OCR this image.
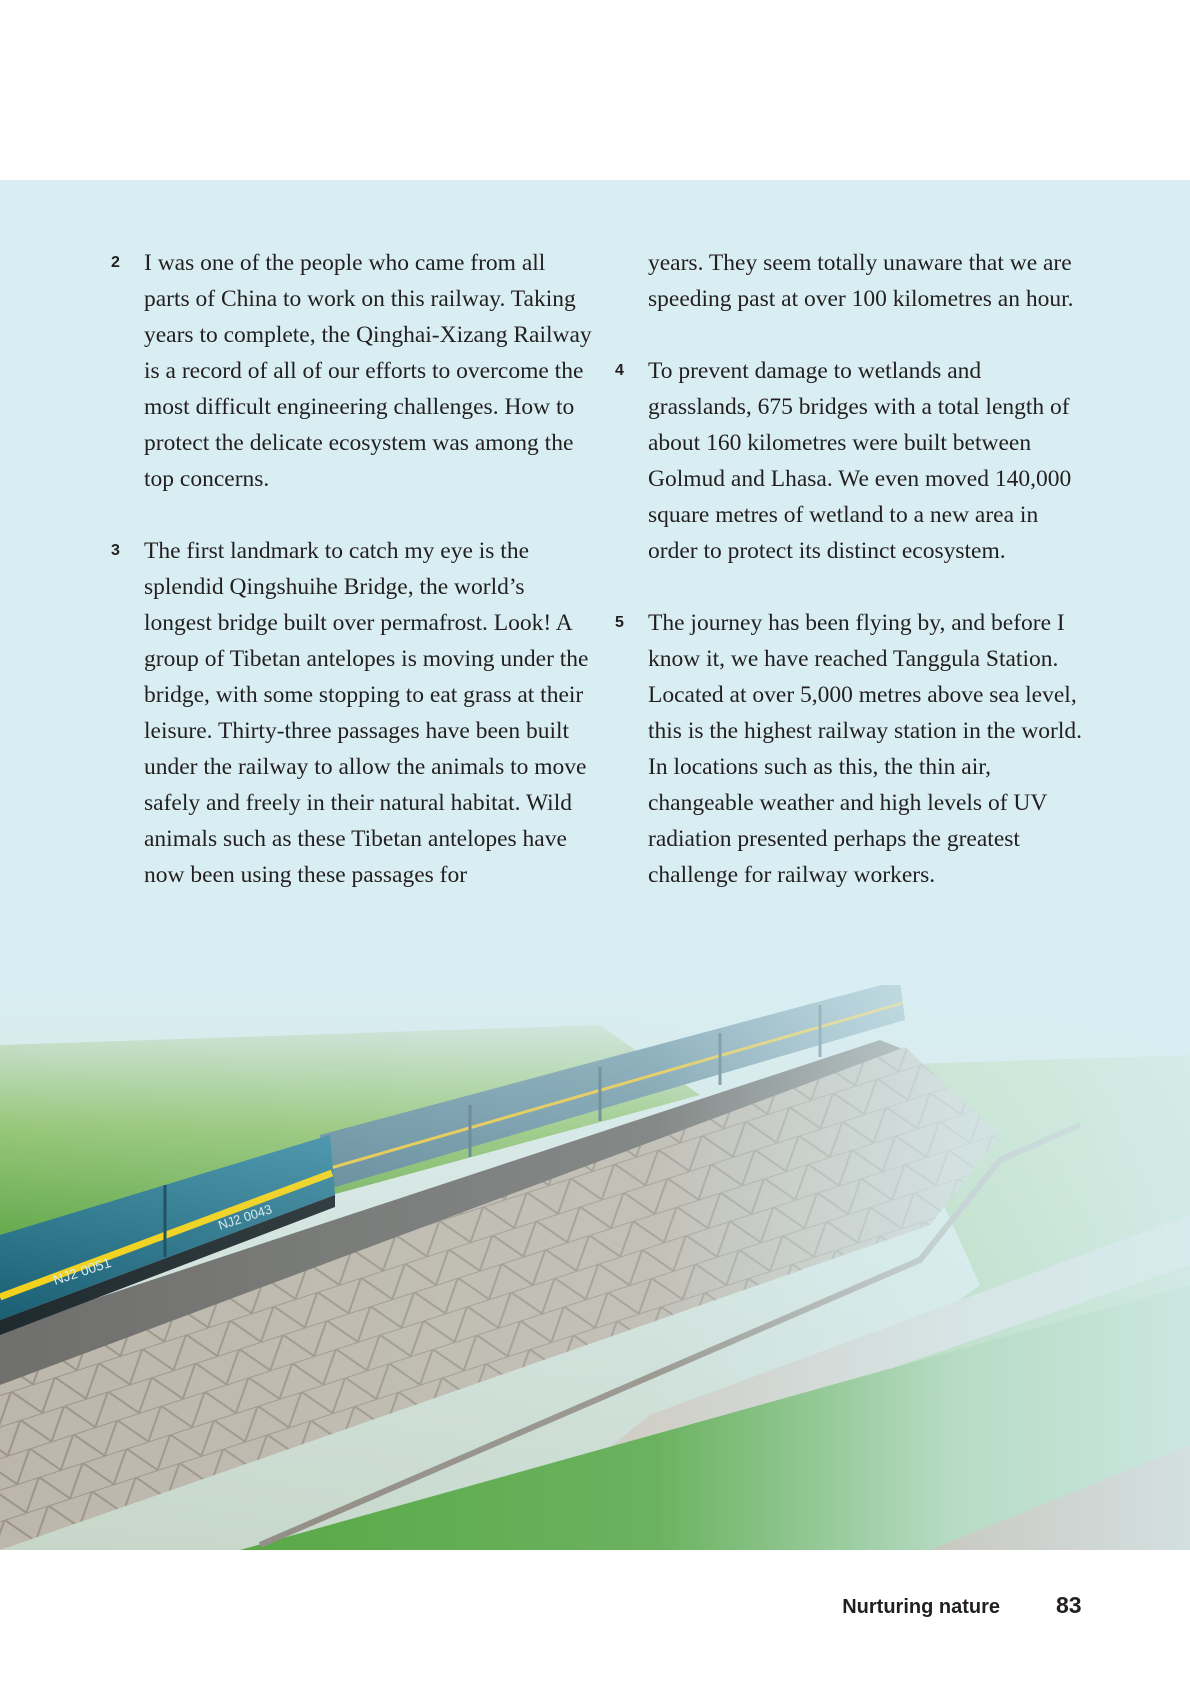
2 I was one of the people who came from all parts of China to work on this railway. Taking years to complete, the Qinghai-Xizang Railway is a record of all of our efforts to overcome the most difficult engineering challenges. How to protect the delicate ecosystem was among the top concerns.
3 The first landmark to catch my eye is the splendid Qingshuihe Bridge, the world’s longest bridge built over permafrost. Look! A group of Tibetan antelopes is moving under the bridge, with some stopping to eat grass at their leisure. Thirty-three passages have been built under the railway to allow the animals to move safely and freely in their natural habitat. Wild animals such as these Tibetan antelopes have now been using these passages for
years. They seem totally unaware that we are speeding past at over 100 kilometres an hour.
4 To prevent damage to wetlands and grasslands, 675 bridges with a total length of about 160 kilometres were built between Golmud and Lhasa. We even moved 140,000 square metres of wetland to a new area in order to protect its distinct ecosystem.
5 The journey has been flying by, and before I know it, we have reached Tanggula Station. Located at over 5,000 metres above sea level, this is the highest railway station in the world. In locations such as this, the thin air, changeable weather and high levels of UV radiation presented perhaps the greatest challenge for railway workers.
Nurturing nature 83
